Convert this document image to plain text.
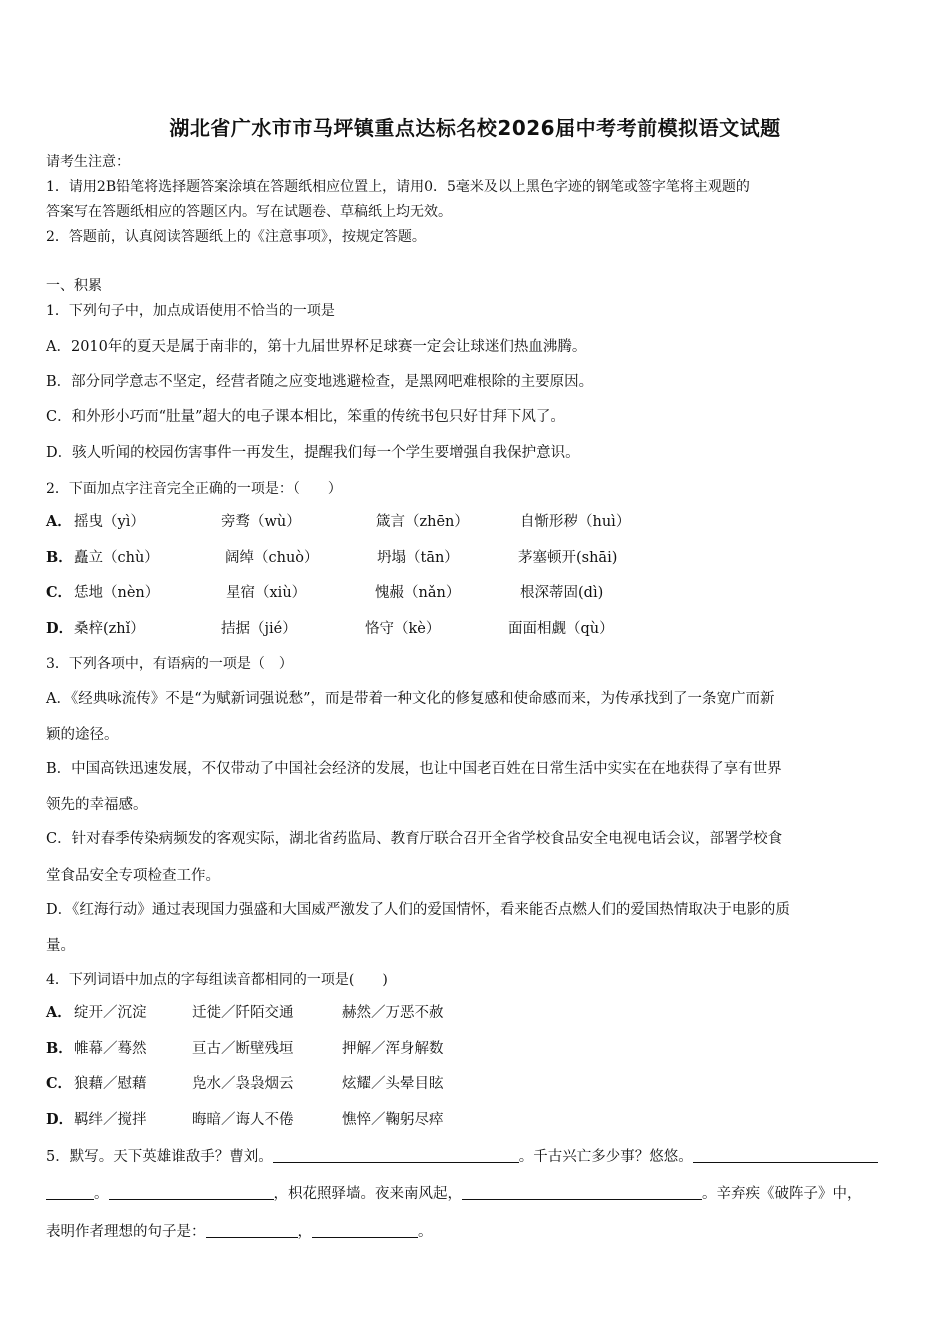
湖北省广水市市马坪镇重点达标名校2026届中考考前模拟语文试题
请考生注意：
1．请用2B铅笔将选择题答案涂填在答题纸相应位置上，请用0．5毫米及以上黑色字迹的钢笔或签字笔将主观题的
答案写在答题纸相应的答题区内。写在试题卷、草稿纸上均无效。
2．答题前，认真阅读答题纸上的《注意事项》，按规定答题。
一、积累
1．下列句子中，加点成语使用不恰当的一项是
A．2010年的夏天是属于南非的，第十九届世界杯足球赛一定会让球迷们热血沸腾。
B．部分同学意志不坚定，经营者随之应变地逃避检查，是黑网吧难根除的主要原因。
C．和外形小巧而“肚量”超大的电子课本相比，笨重的传统书包只好甘拜下风了。
D．骇人听闻的校园伤害事件一再发生，提醒我们每一个学生要增强自我保护意识。
2．下面加点字注音完全正确的一项是：（　　）
A． 摇曳（yì）	旁骛（wù）	箴言（zhēn）	自惭形秽（huì）
B． 矗立（chù）	阔绰（chuò）	坍塌（tān）	茅塞顿开(shāi)
C． 恁地（nèn）	星宿（xiù）	愧赧（nǎn）	根深蒂固(dì)
D． 桑梓(zhǐ）	拮据（jié）	恪守（kè）	面面相觑（qù）
3．下列各项中，有语病的一项是（　）
A．《经典咏流传》不是“为赋新词强说愁”，而是带着一种文化的修复感和使命感而来，为传承找到了一条宽广而新
颖的途径。
B．中国高铁迅速发展，不仅带动了中国社会经济的发展，也让中国老百姓在日常生活中实实在在地获得了享有世界
领先的幸福感。
C．针对春季传染病频发的客观实际，湖北省药监局、教育厅联合召开全省学校食品安全电视电话会议，部署学校食
堂食品安全专项检查工作。
D．《红海行动》通过表现国力强盛和大国威严激发了人们的爱国情怀，看来能否点燃人们的爱国热情取决于电影的质
量。
4．下列词语中加点的字每组读音都相同的一项是(　　)
A． 绽开／沉淀	迁徙／阡陌交通	赫然／万恶不赦
B． 帷幕／蓦然	亘古／断壁残垣	押解／浑身解数
C． 狼藉／慰藉	凫水／袅袅烟云	炫耀／头晕目眩
D． 羁绊／搅拌	晦暗／诲人不倦	憔悴／鞠躬尽瘁
5．默写。天下英雄谁敌手？曹刘。	。千古兴亡多少事？悠悠。
。	，枳花照驿墙。夜来南风起，	。辛弃疾《破阵子》中，
表明作者理想的句子是：	，	。
